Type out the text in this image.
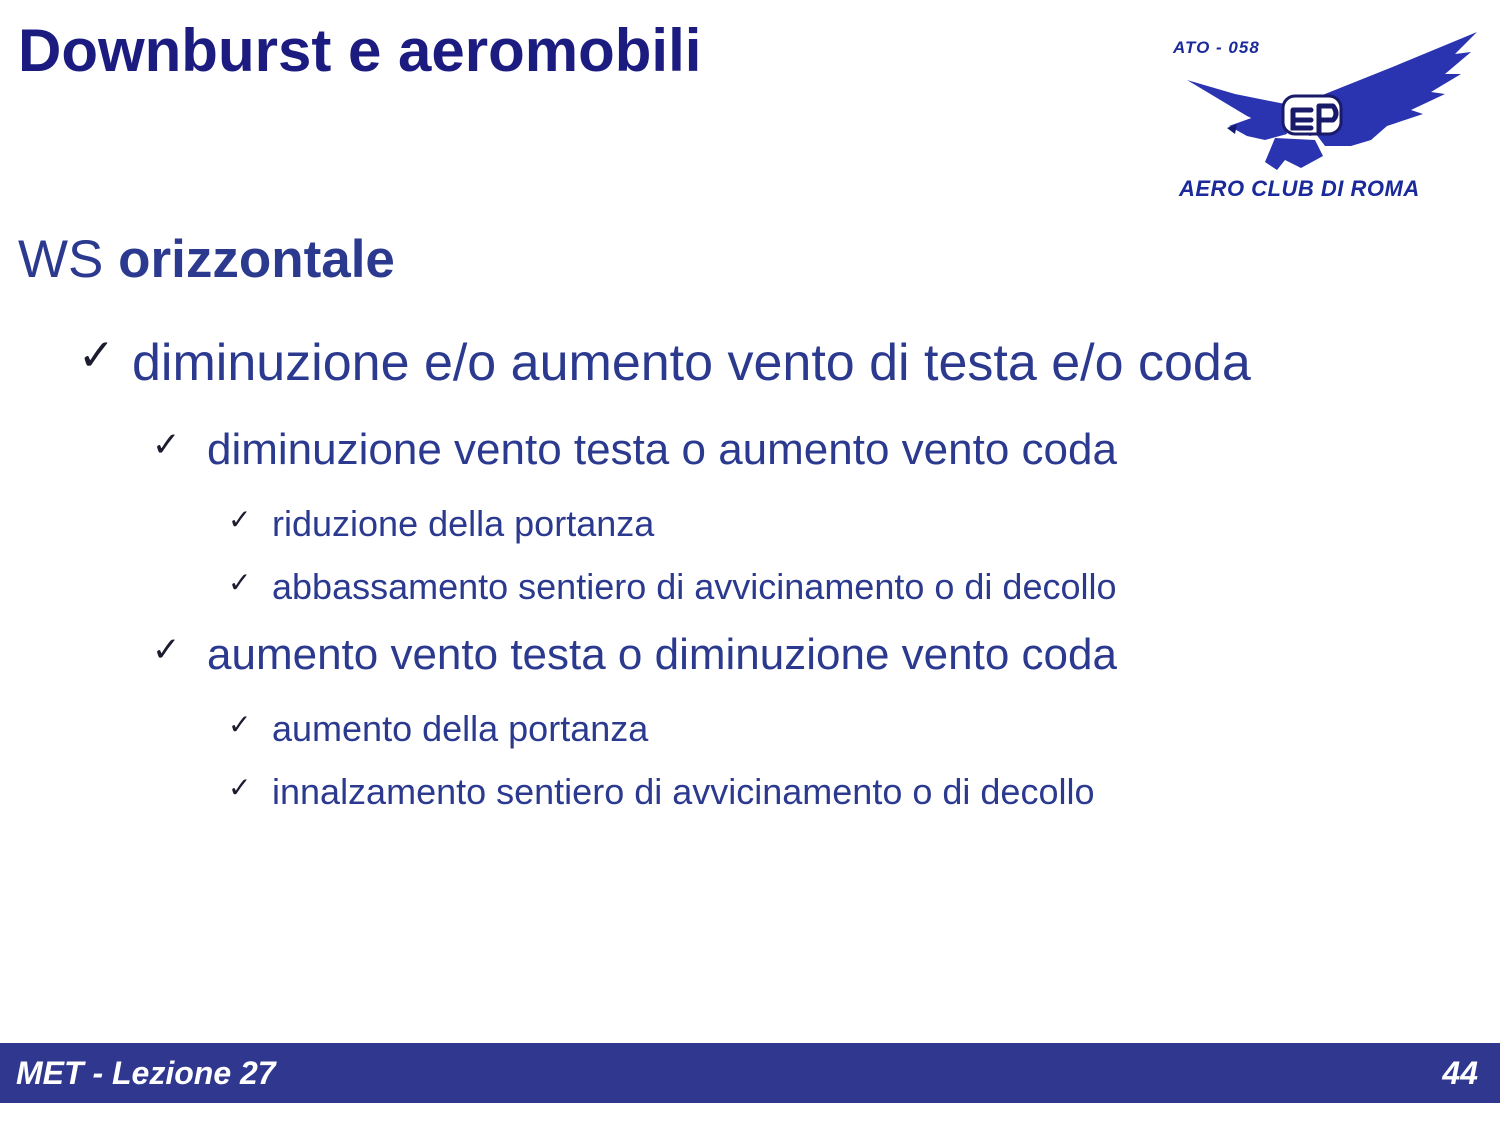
Downburst e aeromobili	ATO - 058
AERO CLUB DI ROMA
WS orizzontale
✓ diminuzione e/o aumento vento di testa e/o coda
✓ diminuzione vento testa o aumento vento coda
✓ riduzione della portanza
✓ abbassamento sentiero di avvicinamento o di decollo
✓ aumento vento testa o diminuzione vento coda
✓ aumento della portanza
✓ innalzamento sentiero di avvicinamento o di decollo
MET - Lezione 27	44
